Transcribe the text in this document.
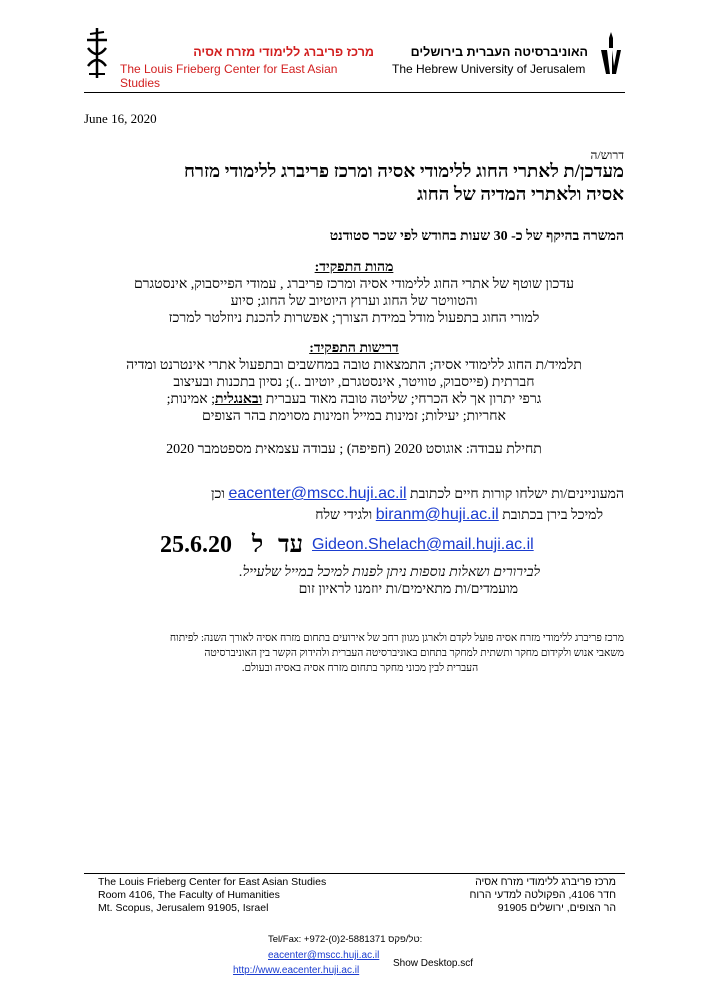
מרכז פריברג ללימודי מזרח אסיה
The Louis Frieberg Center for East Asian Studies
האוניברסיטה העברית בירושלים
The Hebrew University of Jerusalem
June 16, 2020
דרוש/ה
מעדכן/ת לאתרי החוג ללימודי אסיה ומרכז פריברג ללימודי מזרח
אסיה ולאתרי המדיה של החוג
המשרה בהיקף של כ- 30 שעות בחודש לפי שכר סטודנט
מהות התפקיד:
עדכון שוטף של אתרי החוג ללימודי אסיה ומרכז פריברג , עמודי הפייסבוק, אינסטגרם
והטוויטר של החוג וערוץ היוטיוב של החוג; סיוע
למורי החוג בתפעול מודל במידת הצורך; אפשרות להכנת ניוזלטר למרכז
דרישות התפקיד:
תלמיד/ת החוג ללימודי אסיה; התמצאות טובה במחשבים ובתפעול אתרי אינטרנט ומדיה
חברתית (פייסבוק, טוויטר, אינסטגרם, יוטיוב ..); נסיון בתכנות ובעיצוב
גרפי יתרון אך לא הכרחי; שליטה טובה מאוד בעברית ובאנגלית; אמינות;
אחריות; יעילות; זמינות במייל וזמינות מסוימת בהר הצופים
תחילת עבודה: אוגוסט 2020 (חפיפה) ; עבודה עצמאית מספטמבר 2020
המעוניינים/ות ישלחו קורות חיים לכתובת eacenter@mscc.huji.ac.il וכן
למיכל בירן בכתובת biranm@huji.ac.il ולגידי שלח
25.6.20 ל עד Gideon.Shelach@mail.huji.ac.il
לבירורים ושאלות נוספות ניתן לפנות למיכל במייל שלעייל.
מועמדים/ות מתאימים/ות יוזמנו לראיון זום
מרכז פריברג ללימודי מזרח אסיה פועל לקדם ולארגן מגוון רחב של אירועים בתחום מזרח אסיה לאורך השנה: לפיתוח
משאבי אנוש ולקידום מחקר ותשתית למחקר בתחום באוניברסיטה העברית ולהידוק הקשר בין האוניברסיטה
העברית לבין מכוני מחקר בתחום מזרח אסיה באסיה ובעולם.
The Louis Frieberg Center for East Asian Studies
Room 4106, The Faculty of Humanities
Mt. Scopus, Jerusalem 91905, Israel
מרכז פריברג ללימודי מזרח אסיה
חדר 4106, הפקולטה למדעי הרוח
הר הצופים, ירושלים 91905
Tel/Fax: +972-(0)2-5881371 טל/פקס:
eacenter@mscc.huji.ac.il
http://www.eacenter.huji.ac.il
Show Desktop.scf
